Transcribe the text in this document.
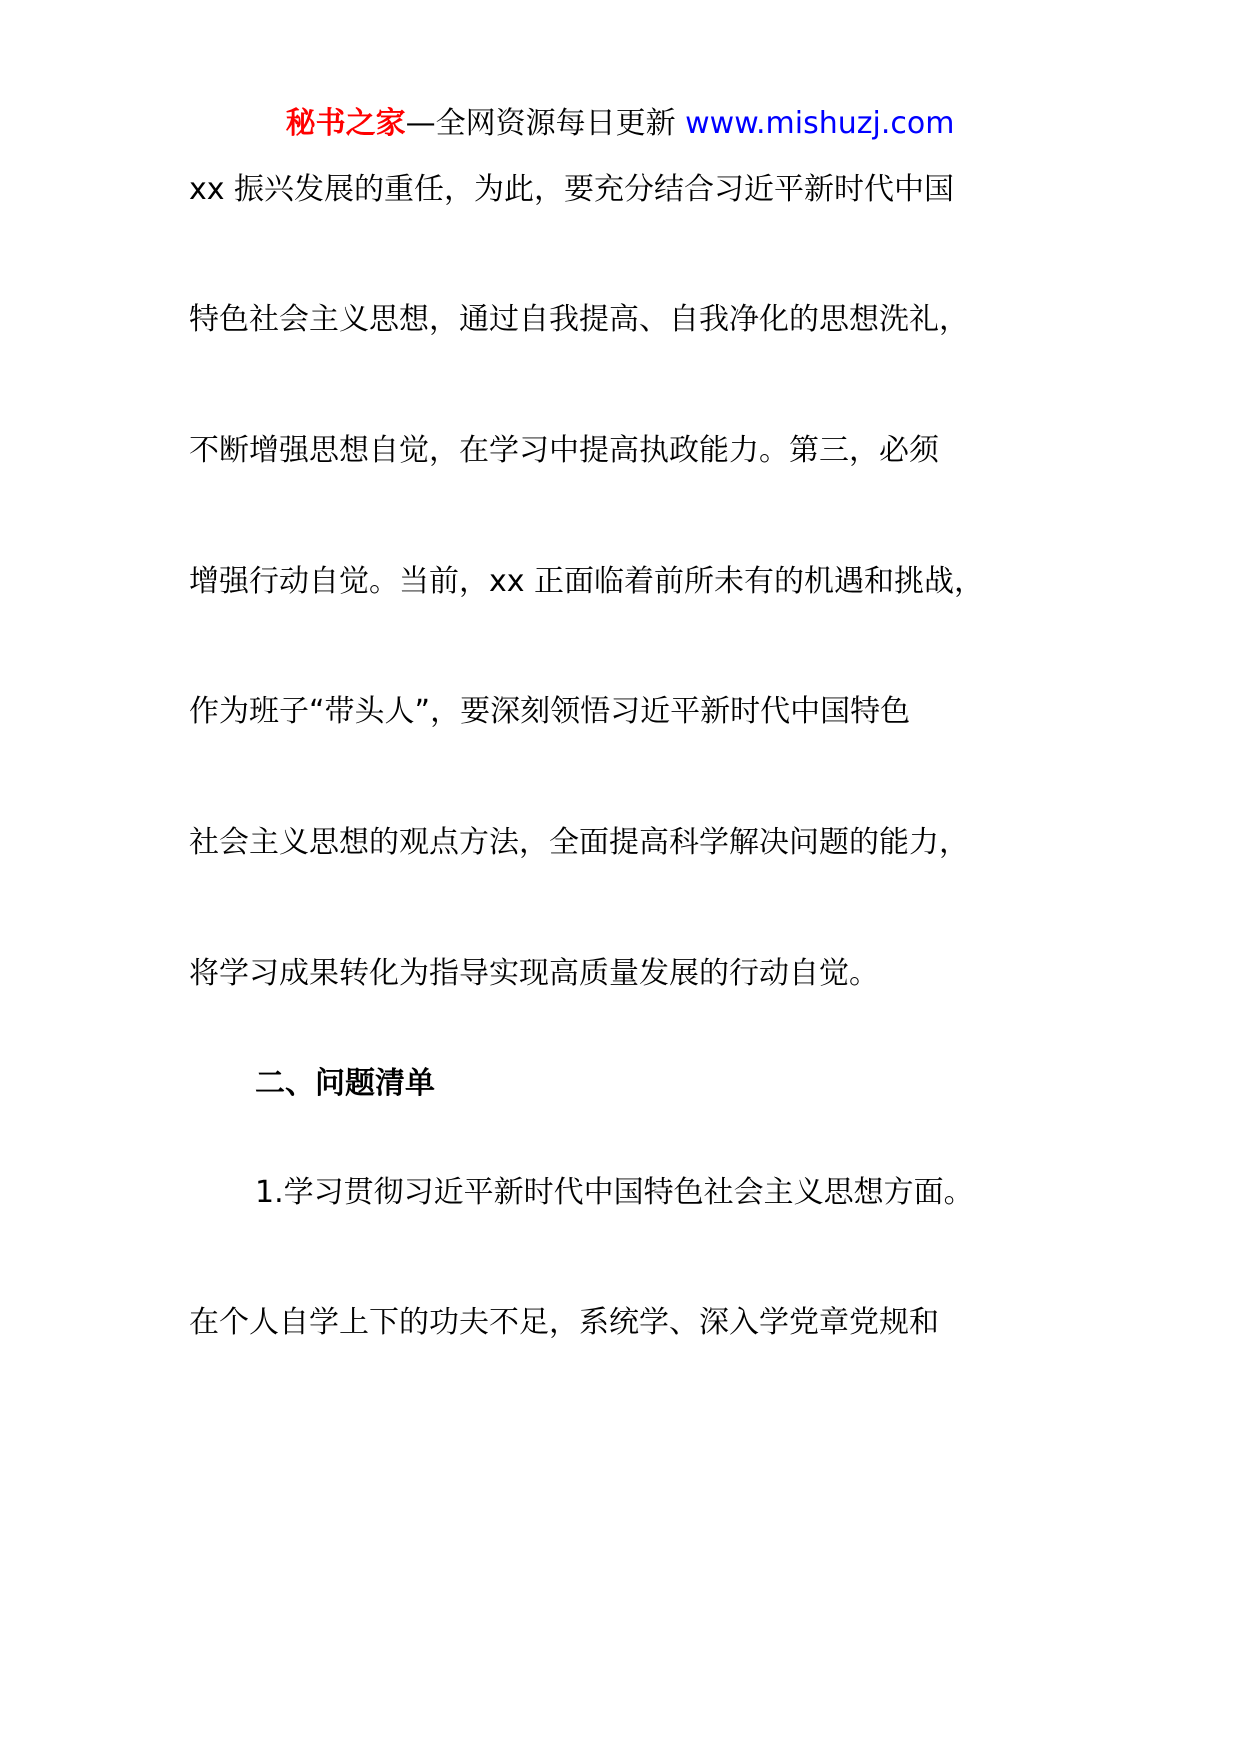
秘书之家—全网资源每日更新 www.mishuzj.com
xx 振兴发展的重任，为此，要充分结合习近平新时代中国
特色社会主义思想，通过自我提高、自我净化的思想洗礼，
不断增强思想自觉，在学习中提高执政能力。第三，必须
增强行动自觉。当前，xx 正面临着前所未有的机遇和挑战，
作为班子“带头人”，要深刻领悟习近平新时代中国特色
社会主义思想的观点方法，全面提高科学解决问题的能力，
将学习成果转化为指导实现高质量发展的行动自觉。
二、问题清单
1.学习贯彻习近平新时代中国特色社会主义思想方面。
在个人自学上下的功夫不足，系统学、深入学党章党规和
